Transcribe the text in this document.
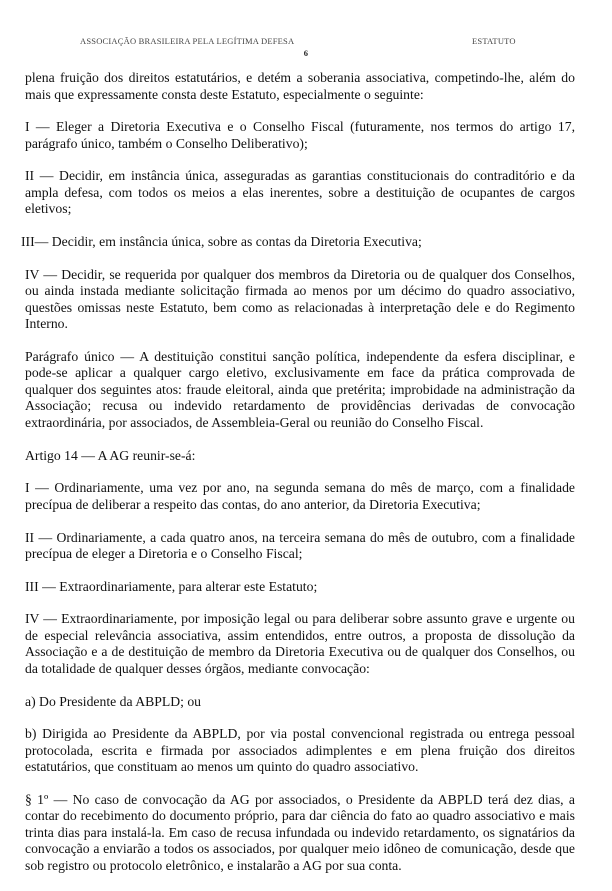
ASSOCIAÇÃO BRASILEIRA PELA LEGÍTIMA DEFESA	ESTATUTO
6

plena fruição dos direitos estatutários, e detém a soberania associativa, competindo-lhe, além do mais que expressamente consta deste Estatuto, especialmente o seguinte:

I — Eleger a Diretoria Executiva e o Conselho Fiscal (futuramente, nos termos do artigo 17, parágrafo único, também o Conselho Deliberativo);

II — Decidir, em instância única, asseguradas as garantias constitucionais do contraditório e da ampla defesa, com todos os meios a elas inerentes, sobre a destituição de ocupantes de cargos eletivos;

III— Decidir, em instância única, sobre as contas da Diretoria Executiva;

IV — Decidir, se requerida por qualquer dos membros da Diretoria ou de qualquer dos Conselhos, ou ainda instada mediante solicitação firmada ao menos por um décimo do quadro associativo, questões omissas neste Estatuto, bem como as relacionadas à interpretação dele e do Regimento Interno.

Parágrafo único — A destituição constitui sanção política, independente da esfera disciplinar, e pode-se aplicar a qualquer cargo eletivo, exclusivamente em face da prática comprovada de qualquer dos seguintes atos: fraude eleitoral, ainda que pretérita; improbidade na administração da Associação; recusa ou indevido retardamento de providências derivadas de convocação extraordinária, por associados, de Assembleia-Geral ou reunião do Conselho Fiscal.

Artigo 14 — A AG reunir-se-á:

I — Ordinariamente, uma vez por ano, na segunda semana do mês de março, com a finalidade precípua de deliberar a respeito das contas, do ano anterior, da Diretoria Executiva;

II — Ordinariamente, a cada quatro anos, na terceira semana do mês de outubro, com a finalidade precípua de eleger a Diretoria e o Conselho Fiscal;

III — Extraordinariamente, para alterar este Estatuto;

IV — Extraordinariamente, por imposição legal ou para deliberar sobre assunto grave e urgente ou de especial relevância associativa, assim entendidos, entre outros, a proposta de dissolução da Associação e a de destituição de membro da Diretoria Executiva ou de qualquer dos Conselhos, ou da totalidade de qualquer desses órgãos, mediante convocação:

a) Do Presidente da ABPLD; ou

b) Dirigida ao Presidente da ABPLD, por via postal convencional registrada ou entrega pessoal protocolada, escrita e firmada por associados adimplentes e em plena fruição dos direitos estatutários, que constituam ao menos um quinto do quadro associativo.

§ 1º — No caso de convocação da AG por associados, o Presidente da ABPLD terá dez dias, a contar do recebimento do documento próprio, para dar ciência do fato ao quadro associativo e mais trinta dias para instalá-la. Em caso de recusa infundada ou indevido retardamento, os signatários da convocação a enviarão a todos os associados, por qualquer meio idôneo de comunicação, desde que sob registro ou protocolo eletrônico, e instalarão a AG por sua conta.
